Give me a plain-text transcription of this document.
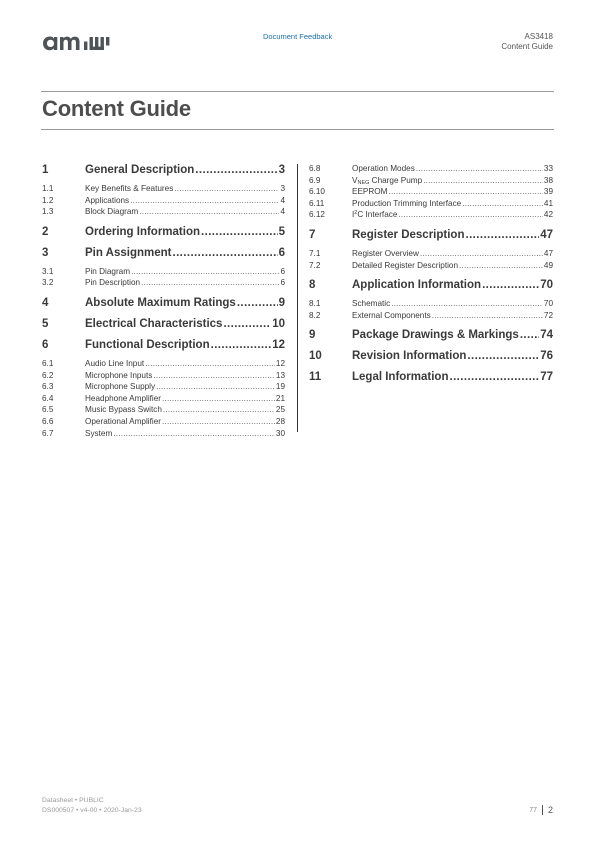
Document Feedback	AS3418
Content Guide
Content Guide
1	General Description .....	3
1.1	Key Benefits & Features .....	3
1.2	Applications .....	4
1.3	Block Diagram .....	4
2	Ordering Information .....	5
3	Pin Assignment .....	6
3.1	Pin Diagram .....	6
3.2	Pin Description .....	6
4	Absolute Maximum Ratings .....	9
5	Electrical Characteristics .....	10
6	Functional Description .....	12
6.1	Audio Line Input .....	12
6.2	Microphone Inputs .....	13
6.3	Microphone Supply .....	19
6.4	Headphone Amplifier .....	21
6.5	Music Bypass Switch .....	25
6.6	Operational Amplifier .....	28
6.7	System .....	30
6.8	Operation Modes .....	33
6.9	VNEG Charge Pump .....	38
6.10	EEPROM .....	39
6.11	Production Trimming Interface .....	41
6.12	$I^2C$ Interface .....	42
7	Register Description .....	47
7.1	Register Overview .....	47
7.2	Detailed Register Description .....	49
8	Application Information .....	70
8.1	Schematic .....	70
8.2	External Components .....	72
9	Package Drawings & Markings ..... 74
10	Revision Information .....	76
11	Legal Information .....	77
Datasheet • PUBLIC
DS000507 • v4-00 • 2020-Jan-23	77 2
